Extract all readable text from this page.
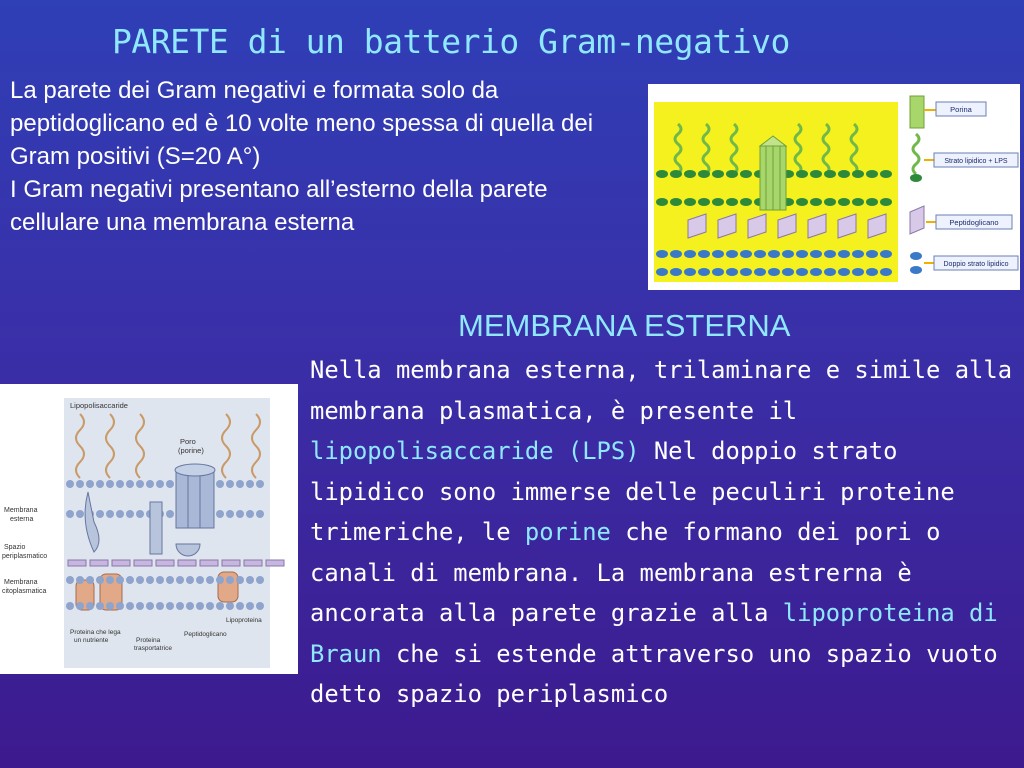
PARETE di un batterio Gram-negativo

La parete dei Gram negativi e formata solo da peptidoglicano ed è 10 volte meno spessa di quella dei Gram positivi (S=20 A°)

I Gram negativi presentano all’esterno della parete cellulare una membrana esterna

Porina
Strato lipidico + LPS
Peptidoglicano
Doppio strato lipidico
MEMBRANA ESTERNA
Lipopolisaccaride
Poro
(porine)
Membrana
esterna
Spazio
periplasmatico
Membrana
citoplasmatica
Proteina che lega
un nutriente	Proteina
trasportatrice
Peptidoglicano
Lipoproteina

Nella membrana esterna, trilaminare e simile alla membrana plasmatica, è presente il lipopolisaccaride (LPS) Nel doppio strato lipidico sono immerse delle peculiri proteine trimeriche, le porine che formano dei pori o canali di membrana. La membrana estrerna è ancorata alla parete grazie alla lipoproteina di Braun che si estende attraverso uno spazio vuoto detto spazio periplasmico
